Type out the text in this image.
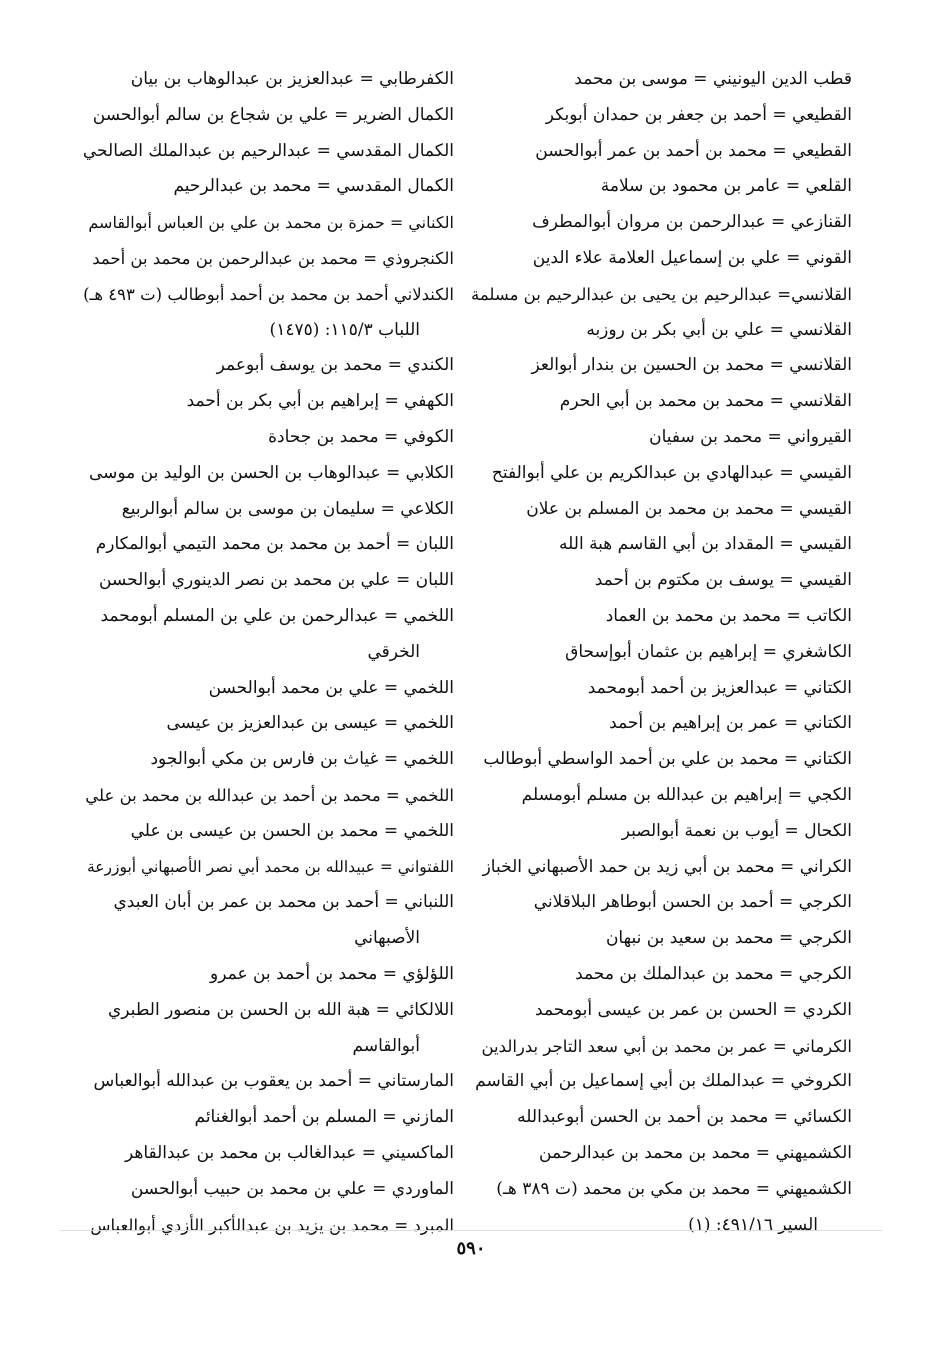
قطب الدين اليونيني = موسى بن محمد
القطيعي = أحمد بن جعفر بن حمدان أبوبكر
القطيعي = محمد بن أحمد بن عمر أبوالحسن
القلعي = عامر بن محمود بن سلامة
القنازعي = عبدالرحمن بن مروان أبوالمطرف
القوني = علي بن إسماعيل العلامة علاء الدين
القلانسي= عبدالرحيم بن يحيى بن عبدالرحيم بن مسلمة
القلانسي = علي بن أبي بكر بن روزبه
القلانسي = محمد بن الحسين بن بندار أبوالعز
القلانسي = محمد بن محمد بن أبي الحرم
القيرواني = محمد بن سفيان
القيسي = عبدالهادي بن عبدالكريم بن علي أبوالفتح
القيسي = محمد بن محمد بن المسلم بن علان
القيسي = المقداد بن أبي القاسم هبة الله
القيسي = يوسف بن مكتوم بن أحمد
الكاتب = محمد بن محمد بن العماد
الكاشغري = إبراهيم بن عثمان أبوإسحاق
الكتاني = عبدالعزيز بن أحمد أبومحمد
الكتاني = عمر بن إبراهيم بن أحمد
الكتاني = محمد بن علي بن أحمد الواسطي أبوطالب
الكجي = إبراهيم بن عبدالله بن مسلم أبومسلم
الكحال = أيوب بن نعمة أبوالصبر
الكراني = محمد بن أبي زيد بن حمد الأصبهاني الخباز
الكرجي = أحمد بن الحسن أبوطاهر البلاقلاني
الكرجي = محمد بن سعيد بن نبهان
الكرجي = محمد بن عبدالملك بن محمد
الكردي = الحسن بن عمر بن عيسى أبومحمد
الكرماني = عمر بن محمد بن أبي سعد التاجر بدرالدين
الكروخي = عبدالملك بن أبي إسماعيل بن أبي القاسم
الكسائي = محمد بن أحمد بن الحسن أبوعبدالله
الكشميهني = محمد بن محمد بن عبدالرحمن
الكشميهني = محمد بن مكي بن محمد (ت ٣٨٩ هـ)
السير ٤٩١/١٦: (١)
الكفرطابي = عبدالعزيز بن عبدالوهاب بن بيان
الكمال الضرير = علي بن شجاع بن سالم أبوالحسن
الكمال المقدسي = عبدالرحيم بن عبدالملك الصالحي
الكمال المقدسي = محمد بن عبدالرحيم
الكناني = حمزة بن محمد بن علي بن العباس أبوالقاسم
الكنجروذي = محمد بن عبدالرحمن بن محمد بن أحمد
الكندلاني أحمد بن محمد بن أحمد أبوطالب (ت ٤٩٣ هـ)
اللباب ١١٥/٣: (١٤٧٥)
الكندي = محمد بن يوسف أبوعمر
الكهفي = إبراهيم بن أبي بكر بن أحمد
الكوفي = محمد بن جحادة
الكلابي = عبدالوهاب بن الحسن بن الوليد بن موسى
الكلاعي = سليمان بن موسى بن سالم أبوالربيع
اللبان = أحمد بن محمد بن محمد التيمي أبوالمكارم
اللبان = علي بن محمد بن نصر الدينوري أبوالحسن
اللخمي = عبدالرحمن بن علي بن المسلم أبومحمد
الخرقي
اللخمي = علي بن محمد أبوالحسن
اللخمي = عيسى بن عبدالعزيز بن عيسى
اللخمي = غياث بن فارس بن مكي أبوالجود
اللخمي = محمد بن أحمد بن عبدالله بن محمد بن علي
اللخمي = محمد بن الحسن بن عيسى بن علي
اللفتواني = عبيدالله بن محمد أبي نصر الأصبهاني أبوزرعة
اللنباني = أحمد بن محمد بن عمر بن أبان العبدي
الأصبهاني
اللؤلؤي = محمد بن أحمد بن عمرو
اللالكائي = هبة الله بن الحسن بن منصور الطبري
أبوالقاسم
المارستاني = أحمد بن يعقوب بن عبدالله أبوالعباس
المازني = المسلم بن أحمد أبوالغنائم
الماكسيني = عبدالغالب بن محمد بن عبدالقاهر
الماوردي = علي بن محمد بن حبيب أبوالحسن
المبرد = محمد بن يزيد بن عبدالأكبر الأزدي أبوالعباس
٥٩٠
